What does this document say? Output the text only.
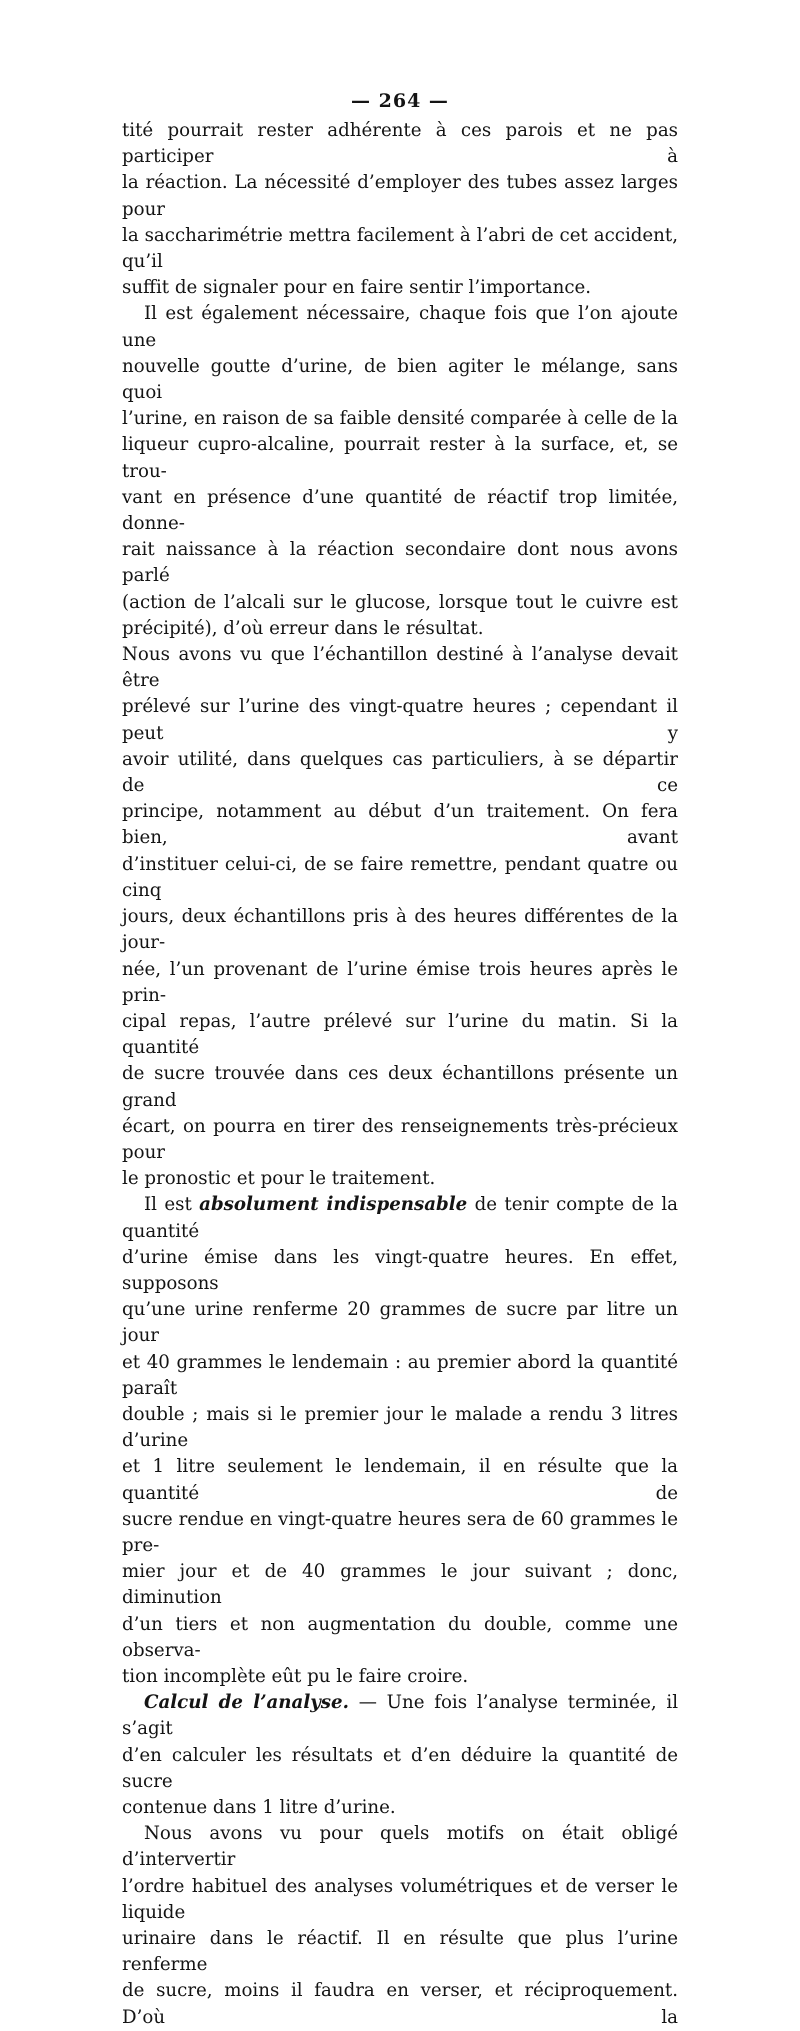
— 264 —
tité pourrait rester adhérente à ces parois et ne pas participer à
la réaction. La nécessité d’employer des tubes assez larges pour
la saccharimétrie mettra facilement à l’abri de cet accident, qu’il
suffit de signaler pour en faire sentir l’importance.
Il est également nécessaire, chaque fois que l’on ajoute une
nouvelle goutte d’urine, de bien agiter le mélange, sans quoi
l’urine, en raison de sa faible densité comparée à celle de la
liqueur cupro-alcaline, pourrait rester à la surface, et, se trou-
vant en présence d’une quantité de réactif trop limitée, donne-
rait naissance à la réaction secondaire dont nous avons parlé
(action de l’alcali sur le glucose, lorsque tout le cuivre est
précipité), d’où erreur dans le résultat.
Nous avons vu que l’échantillon destiné à l’analyse devait être
prélevé sur l’urine des vingt-quatre heures ; cependant il peut y
avoir utilité, dans quelques cas particuliers, à se départir de ce
principe, notamment au début d’un traitement. On fera bien, avant
d’instituer celui-ci, de se faire remettre, pendant quatre ou cinq
jours, deux échantillons pris à des heures différentes de la jour-
née, l’un provenant de l’urine émise trois heures après le prin-
cipal repas, l’autre prélevé sur l’urine du matin. Si la quantité
de sucre trouvée dans ces deux échantillons présente un grand
écart, on pourra en tirer des renseignements très-précieux pour
le pronostic et pour le traitement.
Il est absolument indispensable de tenir compte de la quantité
d’urine émise dans les vingt-quatre heures. En effet, supposons
qu’une urine renferme 20 grammes de sucre par litre un jour
et 40 grammes le lendemain : au premier abord la quantité paraît
double ; mais si le premier jour le malade a rendu 3 litres d’urine
et 1 litre seulement le lendemain, il en résulte que la quantité de
sucre rendue en vingt-quatre heures sera de 60 grammes le pre-
mier jour et de 40 grammes le jour suivant ; donc, diminution
d’un tiers et non augmentation du double, comme une observa-
tion incomplète eût pu le faire croire.
Calcul de l’analyse. — Une fois l’analyse terminée, il s’agit
d’en calculer les résultats et d’en déduire la quantité de sucre
contenue dans 1 litre d’urine.
Nous avons vu pour quels motifs on était obligé d’intervertir
l’ordre habituel des analyses volumétriques et de verser le liquide
urinaire dans le réactif. Il en résulte que plus l’urine renferme
de sucre, moins il faudra en verser, et réciproquement. D’où la
